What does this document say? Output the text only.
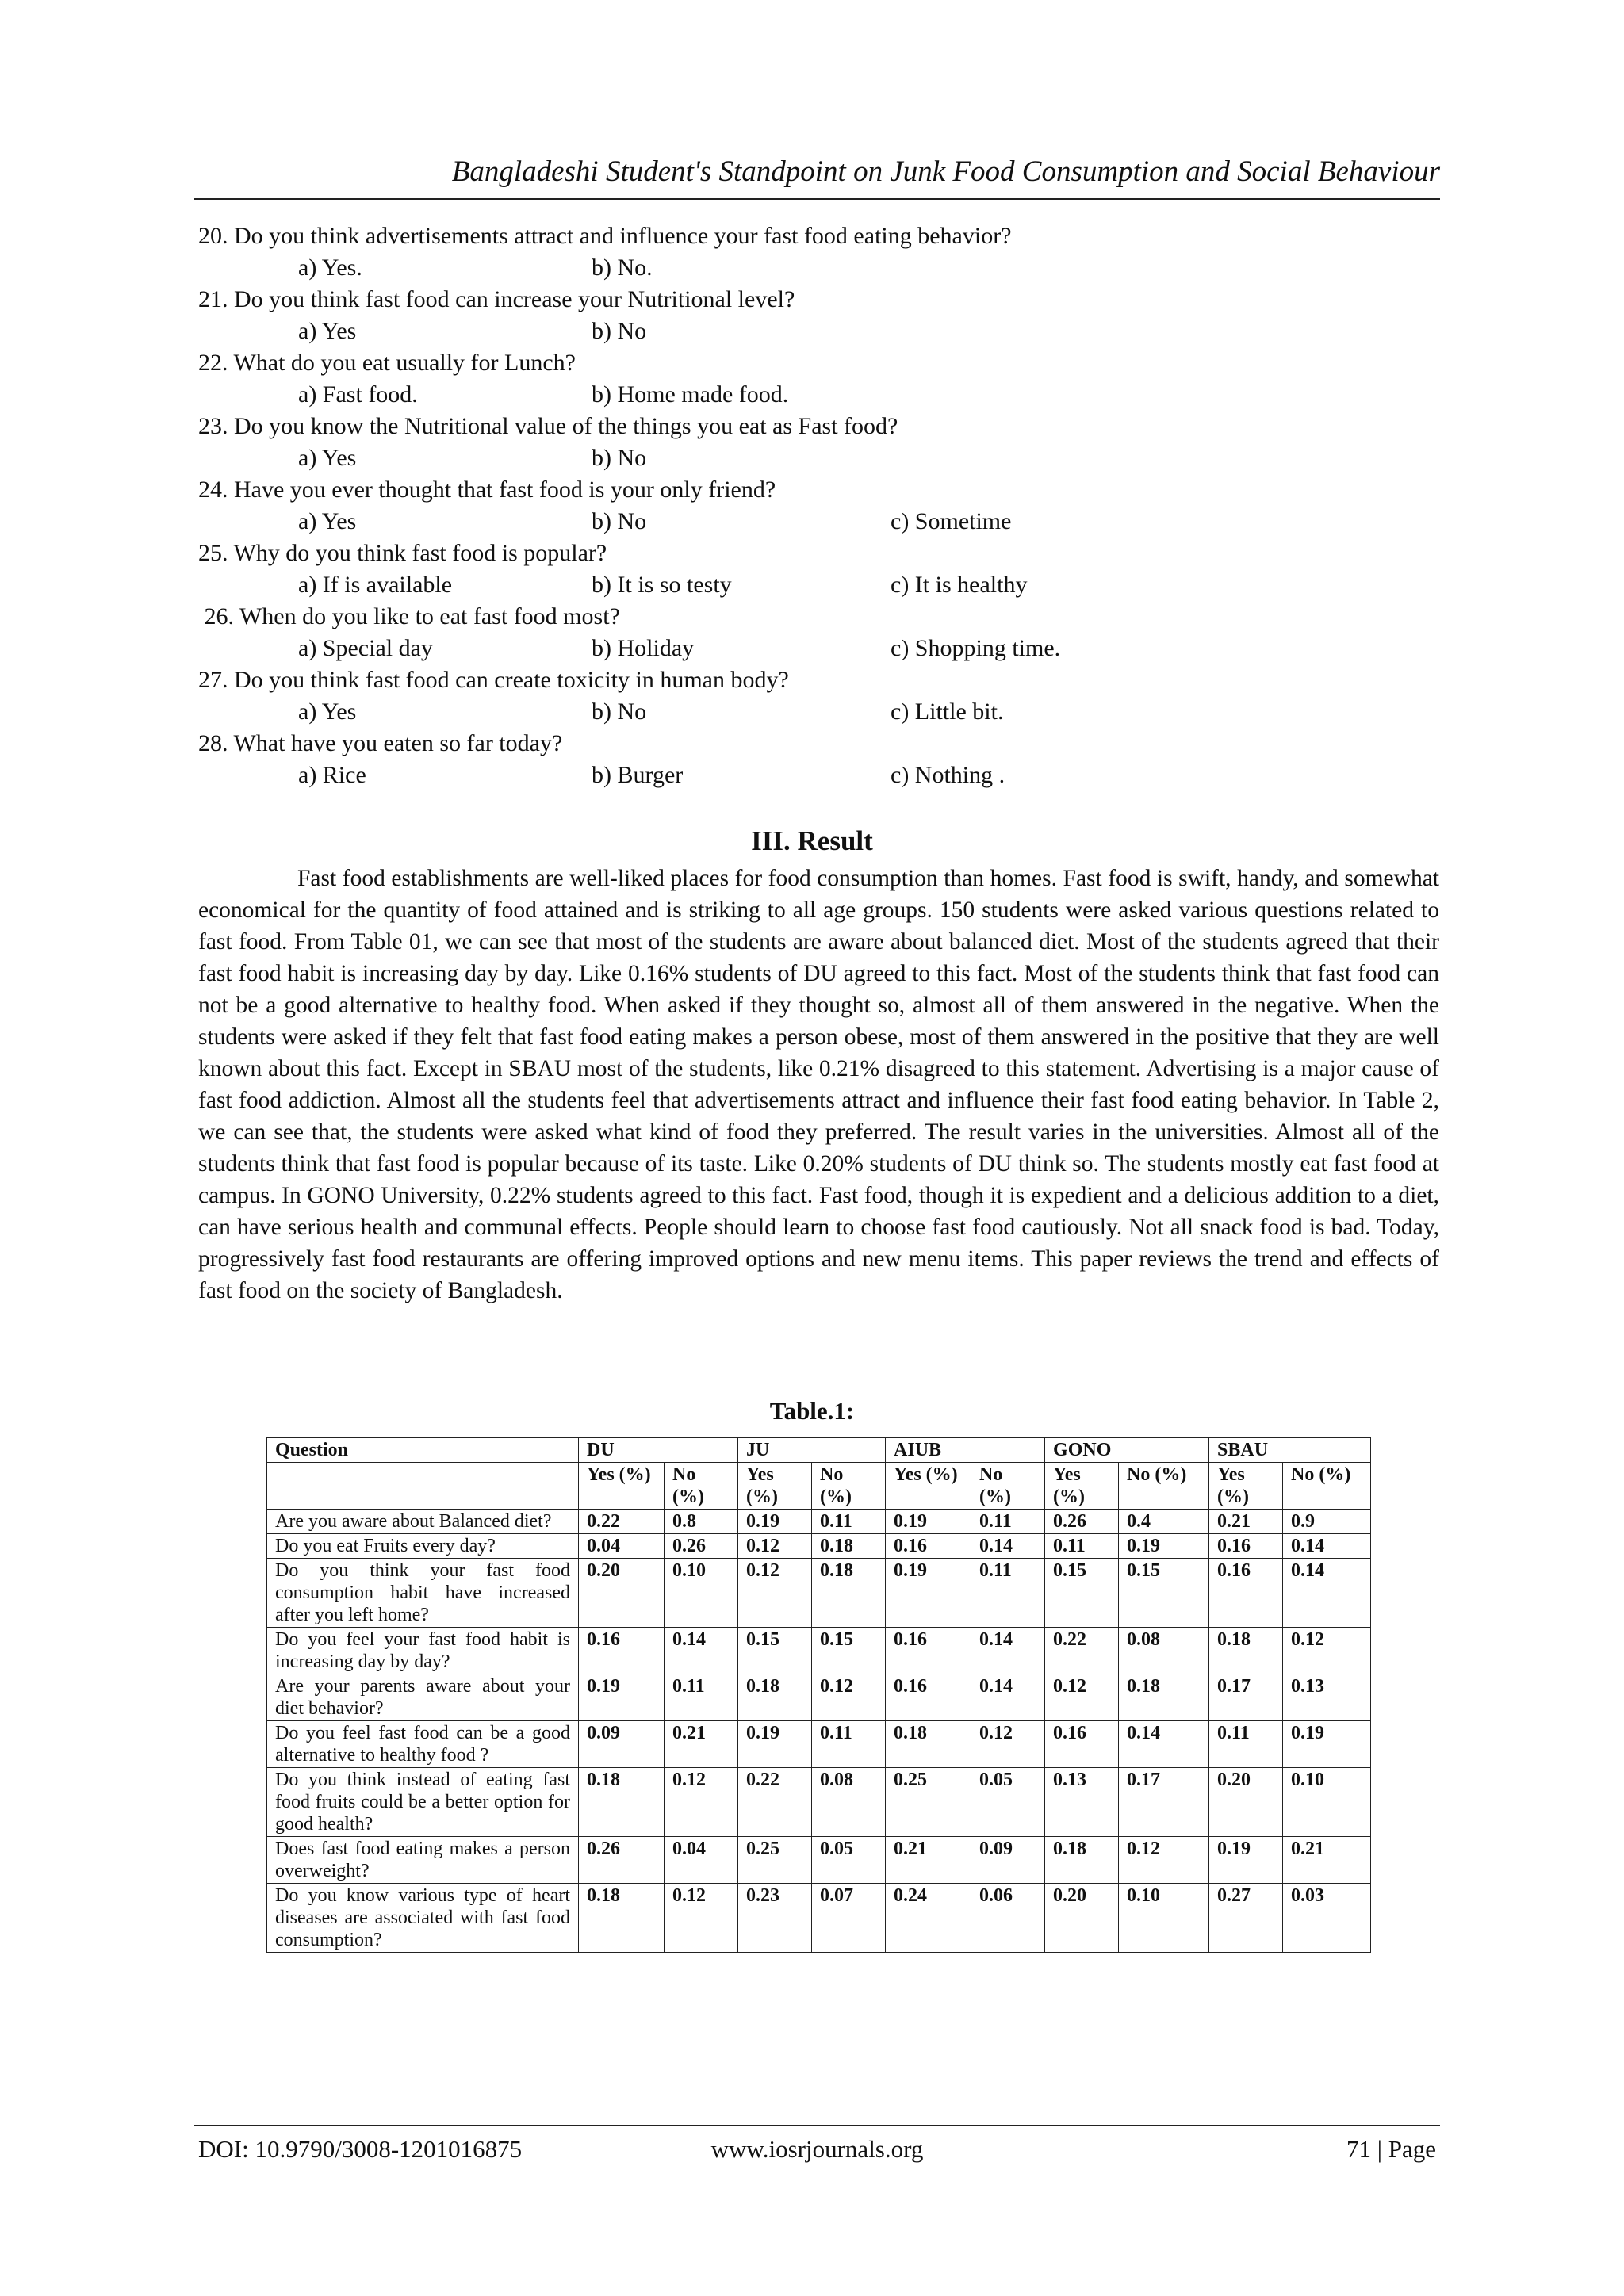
Bangladeshi Student's Standpoint on Junk Food Consumption and Social Behaviour
20. Do you think advertisements attract and influence your fast food eating behavior?
a) Yes.	b) No.
21. Do you think fast food can increase your Nutritional level?
a) Yes	b) No
22. What do you eat usually for Lunch?
a) Fast food.	b) Home made food.
23. Do you know the Nutritional value of the things you eat as Fast food?
a) Yes	b) No
24. Have you ever thought that fast food is your only friend?
a) Yes	b) No	c) Sometime
25. Why do you think fast food is popular?
a) If is available	b) It is so testy	c) It is healthy
26. When do you like to eat fast food most?
a) Special day	b) Holiday	c) Shopping time.
27. Do you think fast food can create toxicity in human body?
a) Yes	b) No	c) Little bit.
28. What have you eaten so far today?
a) Rice	b) Burger	c) Nothing .
III. Result

Fast food establishments are well-liked places for food consumption than homes. Fast food is swift, handy, and somewhat economical for the quantity of food attained and is striking to all age groups. 150 students were asked various questions related to fast food. From Table 01, we can see that most of the students are aware about balanced diet. Most of the students agreed that their fast food habit is increasing day by day. Like 0.16% students of DU agreed to this fact. Most of the students think that fast food can not be a good alternative to healthy food. When asked if they thought so, almost all of them answered in the negative. When the students were asked if they felt that fast food eating makes a person obese, most of them answered in the positive that they are well known about this fact. Except in SBAU most of the students, like 0.21% disagreed to this statement. Advertising is a major cause of fast food addiction. Almost all the students feel that advertisements attract and influence their fast food eating behavior. In Table 2, we can see that, the students were asked what kind of food they preferred. The result varies in the universities. Almost all of the students think that fast food is popular because of its taste. Like 0.20% students of DU think so. The students mostly eat fast food at campus. In GONO University, 0.22% students agreed to this fact. Fast food, though it is expedient and a delicious addition to a diet, can have serious health and communal effects. People should learn to choose fast food cautiously. Not all snack food is bad. Today, progressively fast food restaurants are offering improved options and new menu items. This paper reviews the trend and effects of fast food on the society of Bangladesh.

Table.1:
Question	DU		JU		AIUB		GONO		SBAU	
	Yes (%)	No (%)	Yes (%)	No (%)	Yes (%)	No (%)	Yes (%)	No (%)	Yes (%)	No (%)
Are you aware about Balanced diet?	0.22	0.8	0.19	0.11	0.19	0.11	0.26	0.4	0.21	0.9
Do you eat Fruits every day?	0.04	0.26	0.12	0.18	0.16	0.14	0.11	0.19	0.16	0.14
Do you think your fast food consumption habit have increased after you left home?	0.20	0.10	0.12	0.18	0.19	0.11	0.15	0.15	0.16	0.14
Do you feel your fast food habit is increasing day by day?	0.16	0.14	0.15	0.15	0.16	0.14	0.22	0.08	0.18	0.12
Are your parents aware about your diet behavior?	0.19	0.11	0.18	0.12	0.16	0.14	0.12	0.18	0.17	0.13
Do you feel fast food can be a good alternative to healthy food ?	0.09	0.21	0.19	0.11	0.18	0.12	0.16	0.14	0.11	0.19
Do you think instead of eating fast food fruits could be a better option for good health?	0.18	0.12	0.22	0.08	0.25	0.05	0.13	0.17	0.20	0.10
Does fast food eating makes a person overweight?	0.26	0.04	0.25	0.05	0.21	0.09	0.18	0.12	0.19	0.21
Do you know various type of heart diseases are associated with fast food consumption?	0.18	0.12	0.23	0.07	0.24	0.06	0.20	0.10	0.27	0.03
DOI: 10.9790/3008-1201016875	www.iosrjournals.org	71 | Page
